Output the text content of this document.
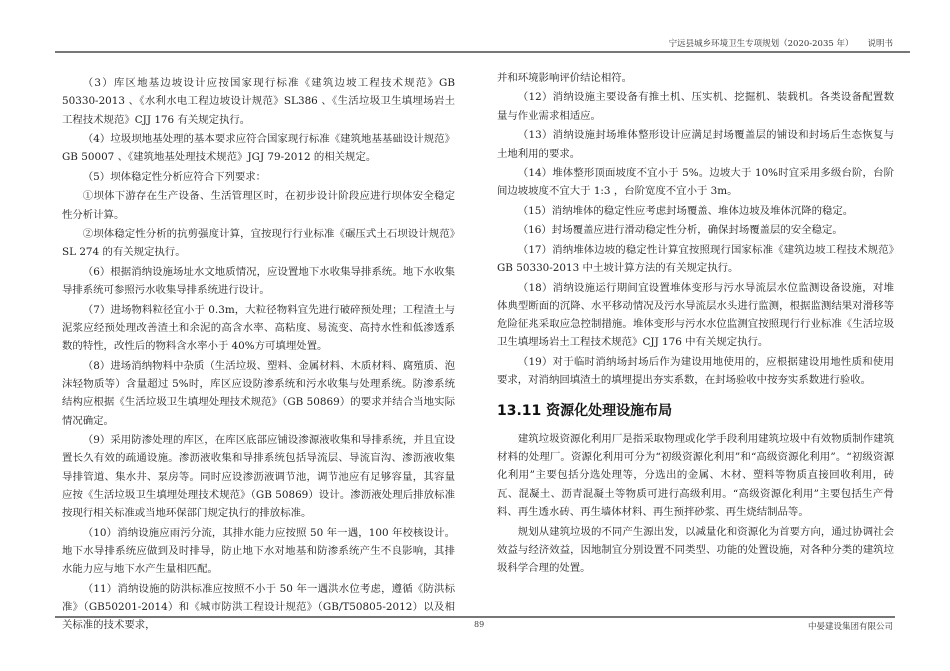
宁远县城乡环境卫生专项规划（2020-2035 年） 说明书

（3）库区地基边坡设计应按国家现行标准《建筑边坡工程技术规范》GB 50330-2013 、《水利水电工程边坡设计规范》SL386 、《生活垃圾卫生填埋场岩土工程技术规范》CJJ 176 有关规定执行。

（4）垃圾坝地基处理的基本要求应符合国家现行标准《建筑地基基础设计规范》GB 50007 、《建筑地基处理技术规范》JGJ 79-2012 的相关规定。

（5）坝体稳定性分析应符合下列要求：

①坝体下游存在生产设备、生活管理区时，在初步设计阶段应进行坝体安全稳定性分析计算。

②坝体稳定性分析的抗剪强度计算，宜按现行行业标准《碾压式土石坝设计规范》SL 274 的有关规定执行。

（6）根据消纳设施场址水文地质情况，应设置地下水收集导排系统。地下水收集导排系统可参照污水收集导排系统进行设计。

（7）进场物料粒径宜小于 0.3m，大粒径物料宜先进行破碎预处理；工程渣土与泥浆应经预处理改善渣土和余泥的高含水率、高粘度、易流变、高持水性和低渗透系数的特性，改性后的物料含水率小于 40%方可填埋处置。

（8）进场消纳物料中杂质（生活垃圾、塑料、金属材料、木质材料、腐殖质、泡沫轻物质等）含量超过 5%时，库区应设防渗系统和污水收集与处理系统。防渗系统结构应根据《生活垃圾卫生填埋处理技术规范》（GB 50869）的要求并结合当地实际情况确定。

（9）采用防渗处理的库区，在库区底部应铺设渗源液收集和导排系统，并且宜设置长久有效的疏通设施。渗沥液收集和导排系统包括导流层、导流盲沟、渗沥液收集导排管道、集水井、泵房等。同时应设渗沥液调节池，调节池应有足够容量，其容量应按《生活垃圾卫生填埋处理技术规范》（GB 50869）设计。渗沥液处理后排放标准按现行相关标准或当地环保部门规定执行的排放标准。

（10）消纳设施应雨污分流，其排水能力应按照 50 年一遇，100 年校核设计。地下水导排系统应做到及时排导，防止地下水对地基和防渗系统产生不良影响，其排水能力应与地下水产生量相匹配。

（11）消纳设施的防洪标准应按照不小于 50 年一遇洪水位考虑，遵循《防洪标准》（GB50201-2014）和《城市防洪工程设计规范》（GB/T50805-2012）以及相关标准的技术要求，

并和环境影响评价结论相符。

（12）消纳设施主要设备有推土机、压实机、挖掘机、装载机。各类设备配置数量与作业需求相适应。

（13）消纳设施封场堆体整形设计应满足封场覆盖层的铺设和封场后生态恢复与土地利用的要求。

（14）堆体整形顶面坡度不宜小于 5%。边坡大于 10%时宜采用多级台阶，台阶间边坡坡度不宜大于 1:3 ，台阶宽度不宜小于 3m。

（15）消纳堆体的稳定性应考虑封场覆盖、堆体边坡及堆体沉降的稳定。

（16）封场覆盖应进行滑动稳定性分析，确保封场覆盖层的安全稳定。

（17）消纳堆体边坡的稳定性计算宜按照现行国家标准《建筑边坡工程技术规范》GB 50330-2013 中土坡计算方法的有关规定执行。

（18）消纳设施运行期间宜设置堆体变形与污水导流层水位监测设备设施，对堆体典型断面的沉降、水平移动情况及污水导流层水头进行监测，根据监测结果对滑移等危险征兆采取应急控制措施。堆体变形与污水水位监测宜按照现行行业标准《生活垃圾卫生填埋场岩土工程技术规范》CJJ 176 中有关规定执行。

（19）对于临时消纳场封场后作为建设用地使用的，应根据建设用地性质和使用要求，对消纳回填渣土的填埋提出夯实系数，在封场验收中按夯实系数进行验收。

13.11 资源化处理设施布局

建筑垃圾资源化利用厂是指采取物理或化学手段利用建筑垃圾中有效物质制作建筑材料的处理厂。资源化利用可分为“初级资源化利用”和“高级资源化利用”。“初级资源化利用”主要包括分选处理等，分选出的金属、木材、塑料等物质直接回收利用，砖瓦、混凝土、沥青混凝土等物质可进行高级利用。“高级资源化利用”主要包括生产骨料、再生透水砖、再生墙体材料、再生预拌砂浆、再生烧结制品等。

规划从建筑垃圾的不同产生源出发，以减量化和资源化为首要方向，通过协调社会效益与经济效益，因地制宜分别设置不同类型、功能的处置设施，对各种分类的建筑垃圾科学合理的处置。

89	中晏建设集团有限公司
